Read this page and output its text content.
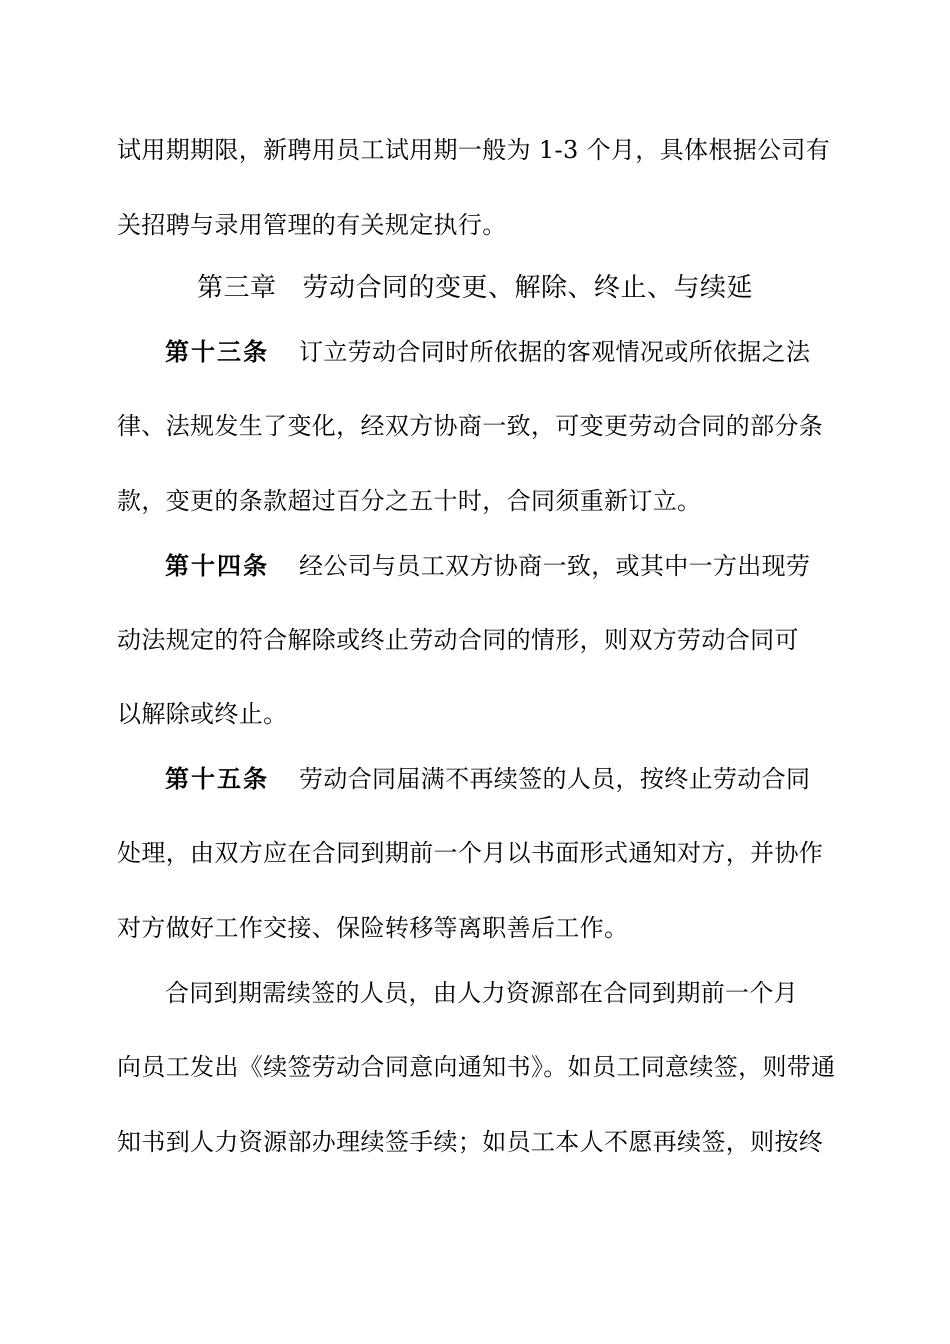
试用期期限，新聘用员工试用期一般为 1-3 个月，具体根据公司有
关招聘与录用管理的有关规定执行。
第三章 劳动合同的变更、解除、终止、与续延
第十三条 订立劳动合同时所依据的客观情况或所依据之法
律、法规发生了变化，经双方协商一致，可变更劳动合同的部分条
款，变更的条款超过百分之五十时，合同须重新订立。
第十四条 经公司与员工双方协商一致，或其中一方出现劳
动法规定的符合解除或终止劳动合同的情形，则双方劳动合同可
以解除或终止。
第十五条 劳动合同届满不再续签的人员，按终止劳动合同
处理，由双方应在合同到期前一个月以书面形式通知对方，并协作
对方做好工作交接、保险转移等离职善后工作。
合同到期需续签的人员，由人力资源部在合同到期前一个月
向员工发出《续签劳动合同意向通知书》。如员工同意续签，则带通
知书到人力资源部办理续签手续；如员工本人不愿再续签，则按终
